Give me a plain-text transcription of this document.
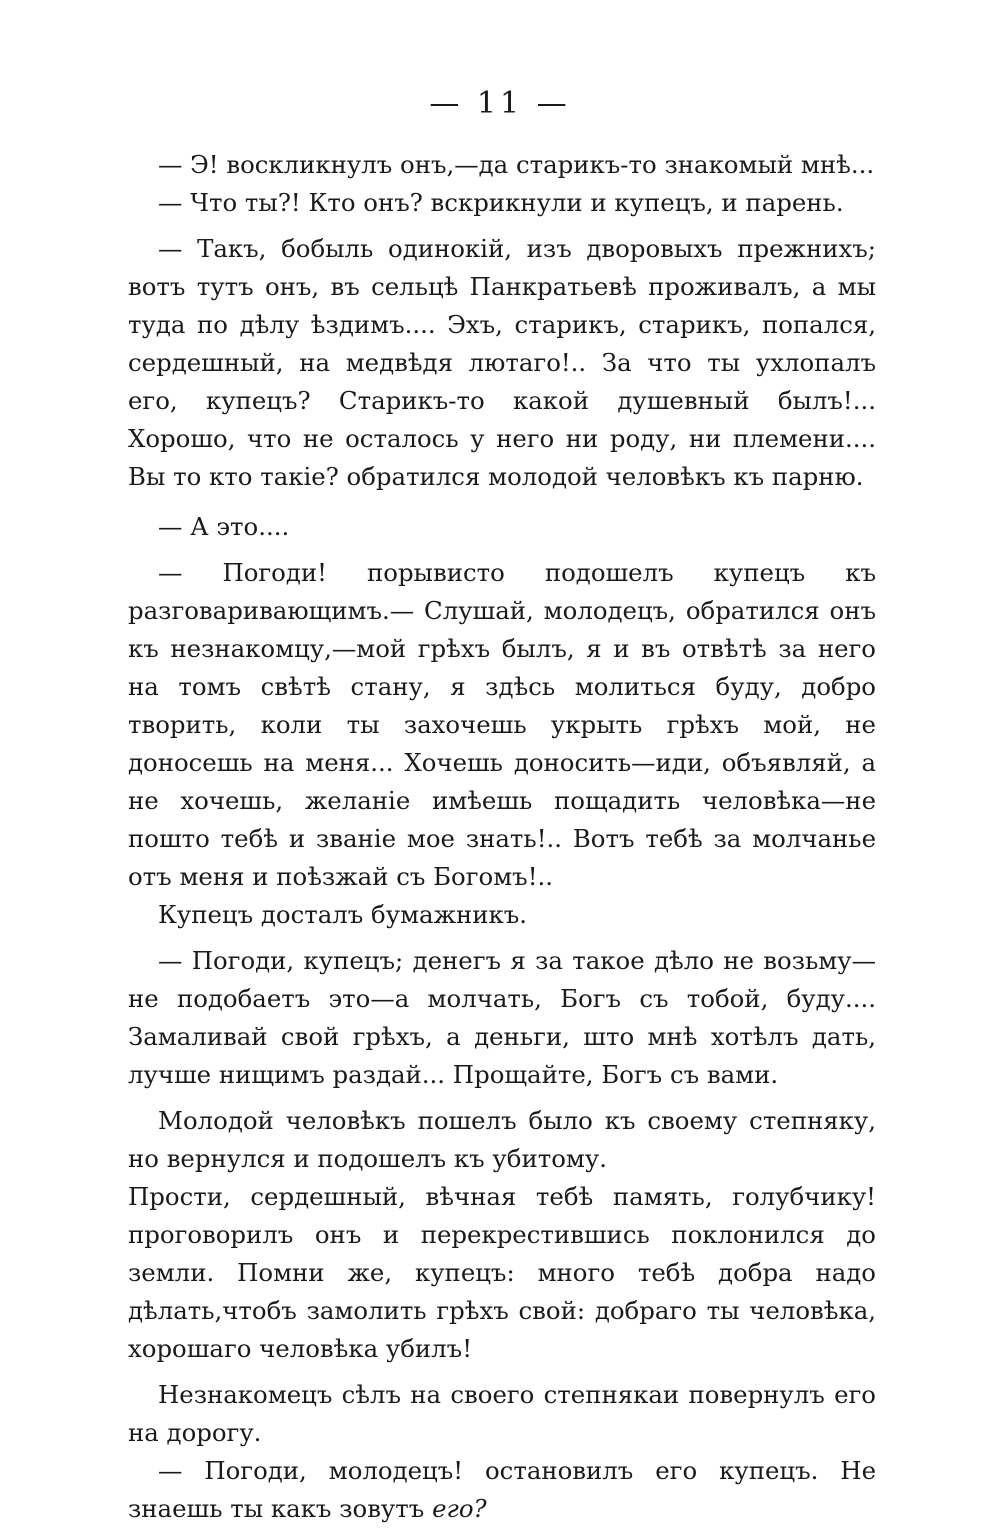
— 11 —

— Э! воскликнулъ онъ,—да старикъ-то знакомый мнѣ...

— Что ты?! Кто онъ? вскрикнули и купецъ, и парень.

— Такъ, бобыль одинокій, изъ дворовыхъ прежнихъ; вотъ тутъ онъ, въ сельцѣ Панкратьевѣ проживалъ, а мы туда по дѣлу ѣздимъ.... Эхъ, старикъ, старикъ, попался, сердешный, на медвѣдя лютаго!.. За что ты ухлопалъ его, купецъ? Старикъ-то какой душевный былъ!... Хорошо, что не осталось у него ни роду, ни племени.... Вы то кто такіе? обратился молодой человѣкъ къ парню.

— А это....

— Погоди! порывисто подошелъ купецъ къ разговаривающимъ.— Слушай, молодецъ, обратился онъ къ незнакомцу,—мой грѣхъ былъ, я и въ отвѣтѣ за него на томъ свѣтѣ стану, я здѣсь молиться буду, добро творить, коли ты захочешь укрыть грѣхъ мой, не доносешь на меня... Хочешь доносить—иди, объявляй, а не хочешь, желаніе имѣешь пощадить человѣка—не пошто тебѣ и званіе мое знать!.. Вотъ тебѣ за молчанье отъ меня и поѣзжай съ Богомъ!..

Купецъ досталъ бумажникъ.

— Погоди, купецъ; денегъ я за такое дѣло не возьму—не подобаетъ это—а молчать, Богъ съ тобой, буду.... Замаливай свой грѣхъ, а деньги, што мнѣ хотѣлъ дать, лучше нищимъ раздай... Прощайте, Богъ съ вами.

Молодой человѣкъ пошелъ было къ своему степняку, но вернулся и подошелъ къ убитому.

Прости, сердешный, вѣчная тебѣ память, голубчику! проговорилъ онъ и перекрестившись поклонился до земли. Помни же, купецъ: много тебѣ добра надо дѣлать,чтобъ замолить грѣхъ свой: добраго ты человѣка, хорошаго человѣка убилъ!

Незнакомецъ сѣлъ на своего степнякаи повернулъ его на дорогу.

— Погоди, молодецъ! остановилъ его купецъ. Не знаешь ты какъ зовутъ его?
